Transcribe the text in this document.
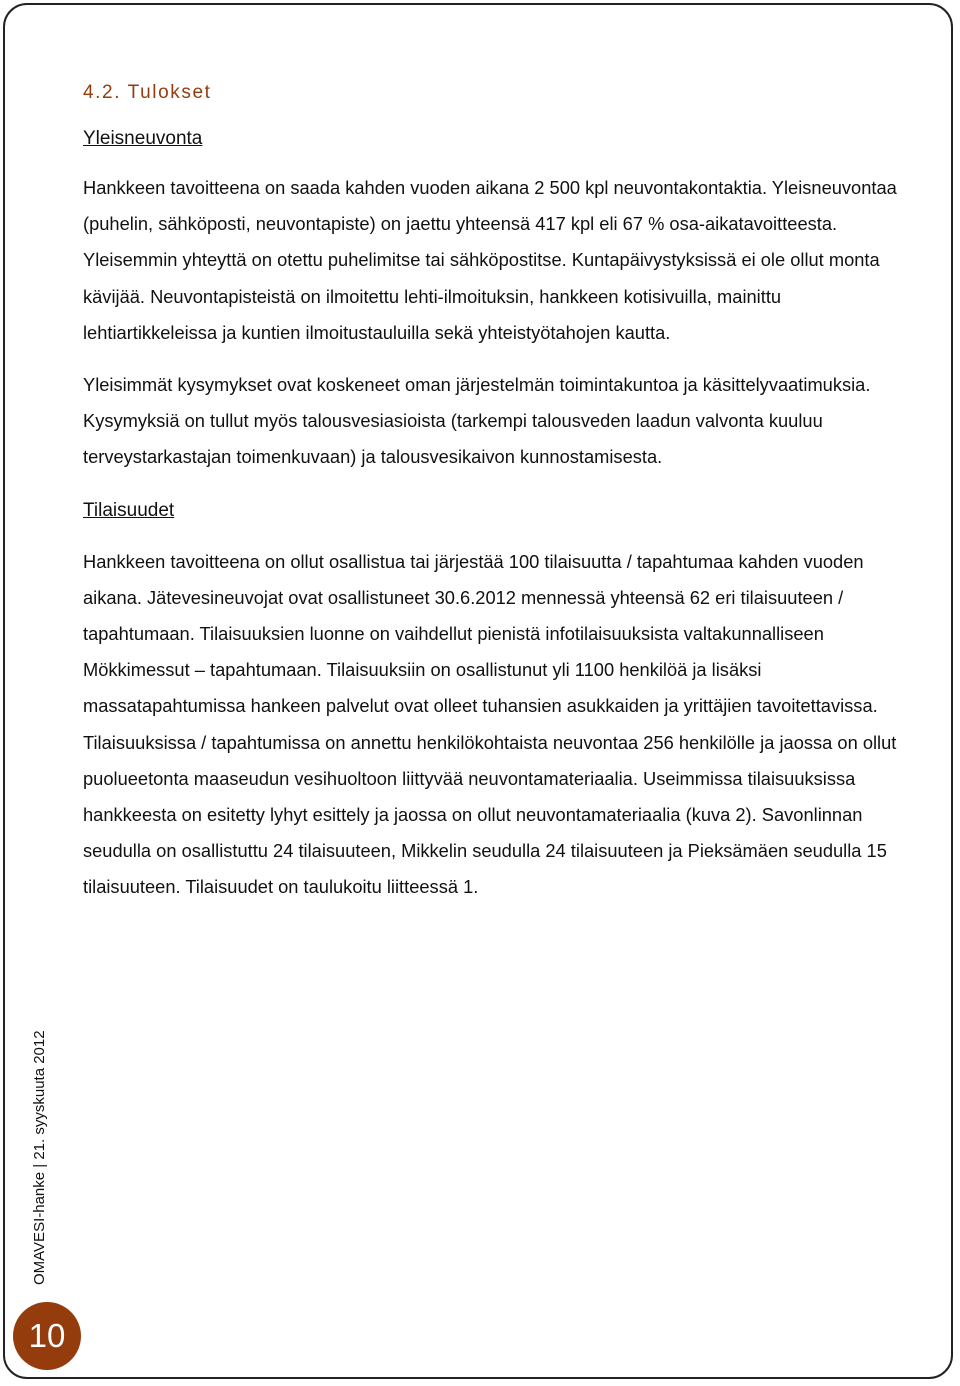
4.2. Tulokset
Yleisneuvonta

Hankkeen tavoitteena on saada kahden vuoden aikana 2 500 kpl neuvontakontaktia. Yleisneuvontaa (puhelin, sähköposti, neuvontapiste) on jaettu yhteensä 417 kpl eli 67 % osa-aikatavoitteesta. Yleisemmin yhteyttä on otettu puhelimitse tai sähköpostitse. Kuntapäivystyksissä ei ole ollut monta kävijää. Neuvontapisteistä on ilmoitettu lehti-ilmoituksin, hankkeen kotisivuilla, mainittu lehtiartikkeleissa ja kuntien ilmoitustauluilla sekä yhteistyötahojen kautta.

Yleisimmät kysymykset ovat koskeneet oman järjestelmän toimintakuntoa ja käsittelyvaatimuksia. Kysymyksiä on tullut myös talousvesiasioista (tarkempi talousveden laadun valvonta kuuluu terveystarkastajan toimenkuvaan) ja talousvesikaivon kunnostamisesta.

Tilaisuudet

Hankkeen tavoitteena on ollut osallistua tai järjestää 100 tilaisuutta / tapahtumaa kahden vuoden aikana. Jätevesineuvojat ovat osallistuneet 30.6.2012 mennessä yhteensä 62 eri tilaisuuteen / tapahtumaan. Tilaisuuksien luonne on vaihdellut pienistä infotilaisuuksista valtakunnalliseen Mökkimessut – tapahtumaan. Tilaisuuksiin on osallistunut yli 1100 henkilöä ja lisäksi massatapahtumissa hankeen palvelut ovat olleet tuhansien asukkaiden ja yrittäjien tavoitettavissa. Tilaisuuksissa / tapahtumissa on annettu henkilökohtaista neuvontaa 256 henkilölle ja jaossa on ollut puolueetonta maaseudun vesihuoltoon liittyvää neuvontamateriaalia. Useimmissa tilaisuuksissa hankkeesta on esitetty lyhyt esittely ja jaossa on ollut neuvontamateriaalia (kuva 2). Savonlinnan seudulla on osallistuttu 24 tilaisuuteen, Mikkelin seudulla 24 tilaisuuteen ja Pieksämäen seudulla 15 tilaisuuteen. Tilaisuudet on taulukoitu liitteessä 1.

OMAVESI-hanke | 21. syyskuuta 2012
10
